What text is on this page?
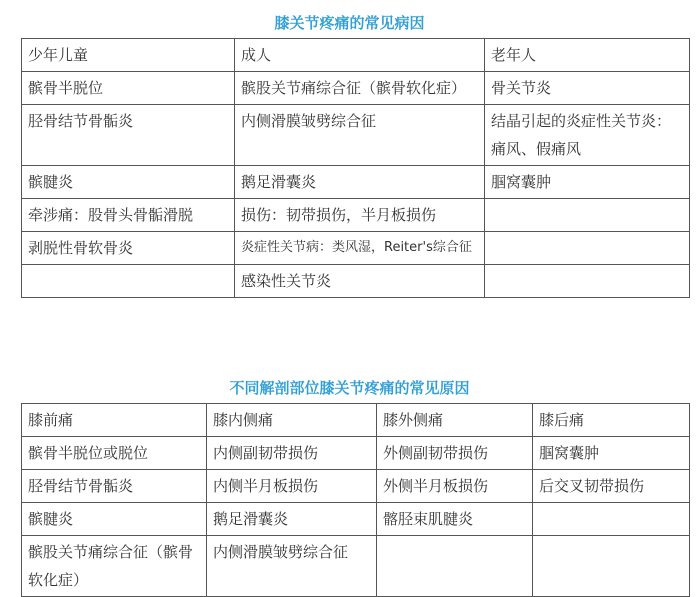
膝关节疼痛的常见病因
少年儿童	成人	老年人
髌骨半脱位	髌股关节痛综合征（髌骨软化症）	骨关节炎
胫骨结节骨骺炎	内侧滑膜皱劈综合征	结晶引起的炎症性关节炎：痛风、假痛风
髌腱炎	鹅足滑囊炎	腘窝囊肿
牵涉痛：股骨头骨骺滑脱	损伤：韧带损伤，半月板损伤	
剥脱性骨软骨炎	炎症性关节病：类风湿，Reiter's综合征	
	感染性关节炎	
不同解剖部位膝关节疼痛的常见原因
膝前痛	膝内侧痛	膝外侧痛	膝后痛
髌骨半脱位或脱位	内侧副韧带损伤	外侧副韧带损伤	腘窝囊肿
胫骨结节骨骺炎	内侧半月板损伤	外侧半月板损伤	后交叉韧带损伤
髌腱炎	鹅足滑囊炎	髂胫束肌腱炎	
髌股关节痛综合征（髌骨软化症）	内侧滑膜皱劈综合征		
